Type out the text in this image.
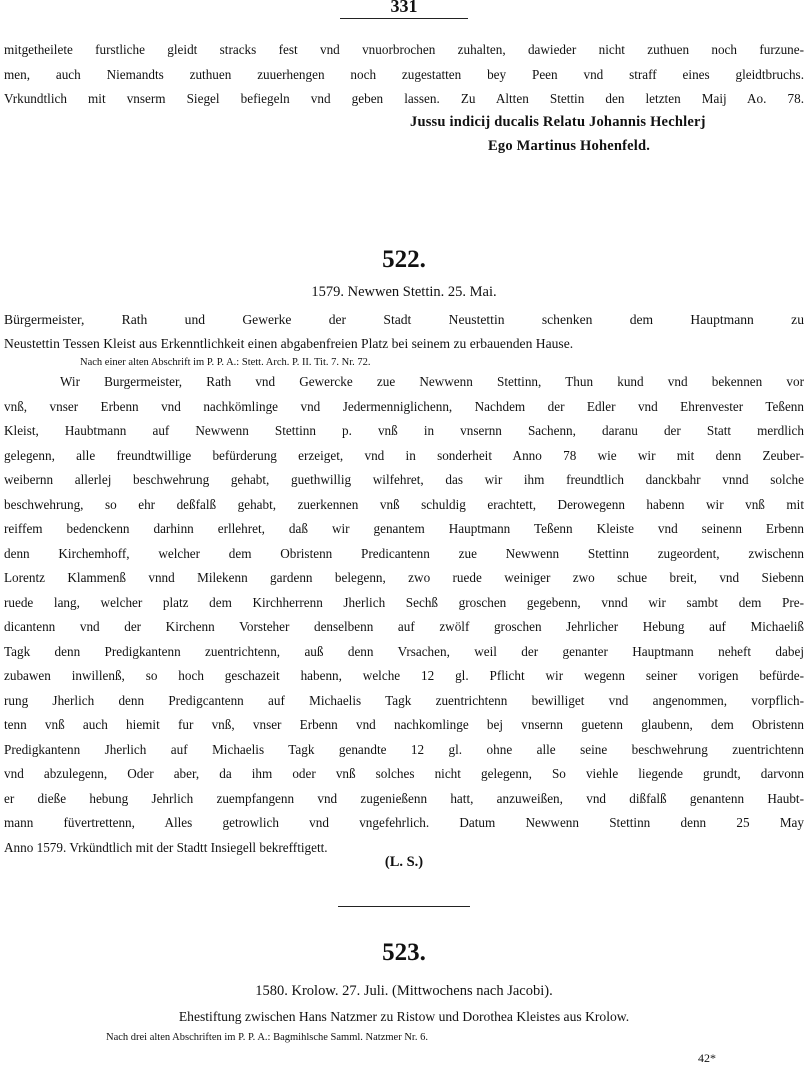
331
mitgetheilete furstliche gleidt stracks fest vnd vnuorbrochen zuhalten, dawieder nicht zuthuen noch furzune-
men, auch Niemandts zuthuen zuuerhengen noch zugestatten bey Peen vnd straff eines gleidtbruchs.
Vrkundtlich mit vnserm Siegel befiegeln vnd geben lassen. Zu Altten Stettin den letzten Maij Ao. 78.
Jussu indicij ducalis Relatu Johannis Hechlerj
Ego Martinus Hohenfeld.
522.
1579. Newwen Stettin. 25. Mai.
Bürgermeister, Rath und Gewerke der Stadt Neustettin schenken dem Hauptmann zu
Neustettin Tessen Kleist aus Erkenntlichkeit einen abgabenfreien Platz bei seinem zu erbauenden Hause.
Nach einer alten Abschrift im P. P. A.: Stett. Arch. P. II. Tit. 7. Nr. 72.
Wir Burgermeister, Rath vnd Gewercke zue Newwenn Stettinn, Thun kund vnd bekennen vor
vnß, vnser Erbenn vnd nachkömlinge vnd Jedermenniglichenn, Nachdem der Edler vnd Ehrenvester Teßenn
Kleist, Haubtmann auf Newwenn Stettinn p. vnß in vnsernn Sachenn, daranu der Statt merdlich
gelegenn, alle freundtwillige befürderung erzeiget, vnd in sonderheit Anno 78 wie wir mit denn Zeuber-
weibernn allerlej beschwehrung gehabt, guethwillig wilfehret, das wir ihm freundtlich danckbahr vnnd solche
beschwehrung, so ehr deßfalß gehabt, zuerkennen vnß schuldig erachtett, Derowegenn habenn wir vnß mit
reiffem bedenckenn darhinn erllehret, daß wir genantem Hauptmann Teßenn Kleiste vnd seinenn Erbenn
denn Kirchemhoff, welcher dem Obristenn Predicantenn zue Newwenn Stettinn zugeordent, zwischenn
Lorentz Klammenß vnnd Milekenn gardenn belegenn, zwo ruede weiniger zwo schue breit, vnd Siebenn
ruede lang, welcher platz dem Kirchherrenn Jherlich Sechß groschen gegebenn, vnnd wir sambt dem Pre-
dicantenn vnd der Kirchenn Vorsteher denselbenn auf zwölf groschen Jehrlicher Hebung auf Michaeliß
Tagk denn Predigkantenn zuentrichtenn, auß denn Vrsachen, weil der genanter Hauptmann neheft dabej
zubawen inwillenß, so hoch geschazeit habenn, welche 12 gl. Pflicht wir wegenn seiner vorigen befürde-
rung Jherlich denn Predigcantenn auf Michaelis Tagk zuentrichtenn bewilliget vnd angenommen, vorpflich-
tenn vnß auch hiemit fur vnß, vnser Erbenn vnd nachkomlinge bej vnsernn guetenn glaubenn, dem Obristenn
Predigkantenn Jherlich auf Michaelis Tagk genandte 12 gl. ohne alle seine beschwehrung zuentrichtenn
vnd abzulegenn, Oder aber, da ihm oder vnß solches nicht gelegenn, So viehle liegende grundt, darvonn
er dieße hebung Jehrlich zuempfangenn vnd zugenießenn hatt, anzuweißen, vnd dißfalß genantenn Haubt-
mann füvertrettenn, Alles getrowlich vnd vngefehrlich. Datum Newwenn Stettinn denn 25 May
Anno 1579. Vrkündtlich mit der Stadtt Insiegell bekrefftigett.
(L. S.)
523.
1580. Krolow. 27. Juli. (Mittwochens nach Jacobi).
Ehestiftung zwischen Hans Natzmer zu Ristow und Dorothea Kleistes aus Krolow.
Nach drei alten Abschriften im P. P. A.: Bagmihlsche Samml. Natzmer Nr. 6.
42*
